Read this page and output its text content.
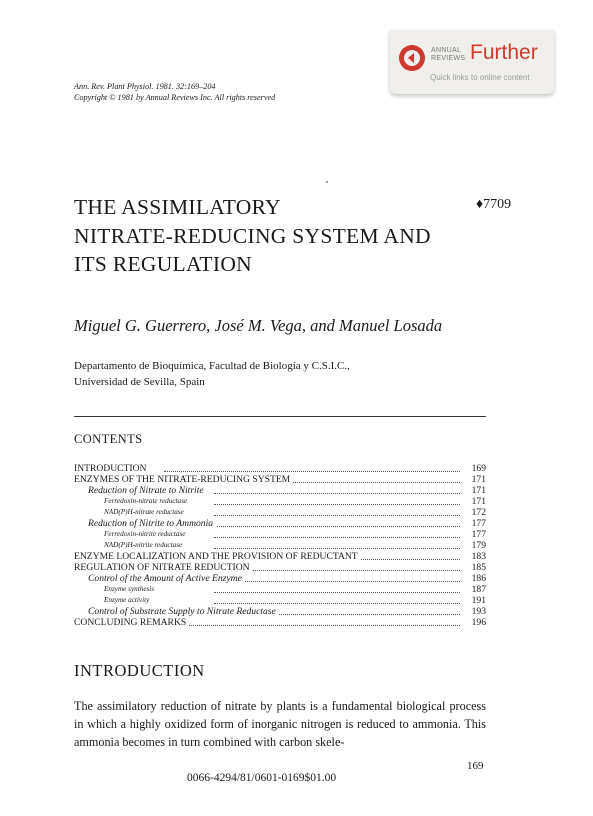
ANNUAL REVIEWS Further
Quick links to online content
Ann. Rev. Plant Physiol. 1981. 32:169–204
Copyright © 1981 by Annual Reviews Inc. All rights reserved
THE ASSIMILATORY
NITRATE-REDUCING SYSTEM AND
ITS REGULATION
♦7709
Miguel G. Guerrero, José M. Vega, and Manuel Losada
Departamento de Bioquímica, Facultad de Biología y C.S.I.C.,
Universidad de Sevilla, Spain
CONTENTS
INTRODUCTION	169
ENZYMES OF THE NITRATE-REDUCING SYSTEM	171
Reduction of Nitrate to Nitrite	171
Ferredoxin-nitrate reductase	171
NAD(P)H-nitrate reductase	172
Reduction of Nitrite to Ammonia	177
Ferredoxin-nitrite reductase	177
NAD(P)H-nitrite reductase	179
ENZYME LOCALIZATION AND THE PROVISION OF REDUCTANT	183
REGULATION OF NITRATE REDUCTION	185
Control of the Amount of Active Enzyme	186
Enzyme synthesis	187
Enzyme activity	191
Control of Substrate Supply to Nitrate Reductase	193
CONCLUDING REMARKS	196
INTRODUCTION

The assimilatory reduction of nitrate by plants is a fundamental biological process in which a highly oxidized form of inorganic nitrogen is reduced to ammonia. This ammonia becomes in turn combined with carbon skele-

169
0066-4294/81/0601-0169$01.00
